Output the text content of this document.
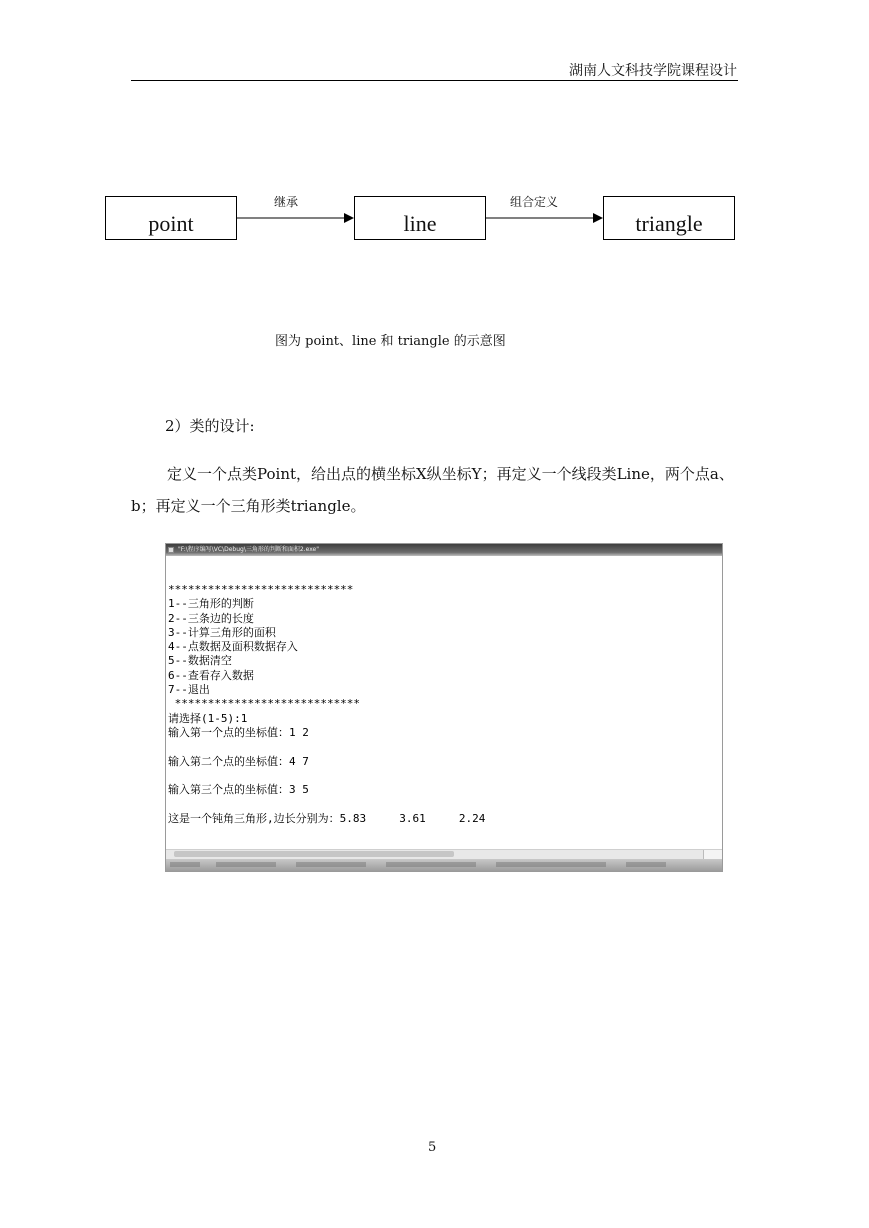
湖南人文科技学院课程设计
point	line	triangle
继承	组合定义
图为 point、line 和 triangle 的示意图
2）类的设计:
定义一个点类Point，给出点的横坐标X纵坐标Y；再定义一个线段类Line，两个点a、b；再定义一个三角形类triangle。
"F:\程序编写\VC\Debug\三角形的判断和面积2.exe"
****************************
1--三角形的判断
2--三条边的长度
3--计算三角形的面积
4--点数据及面积数据存入
5--数据清空
6--查看存入数据
7--退出
****************************
请选择(1-5):1
输入第一个点的坐标值：1 2

输入第二个点的坐标值：4 7

输入第三个点的坐标值：3 5

这是一个钝角三角形,边长分别为：5.83     3.61     2.24
5
